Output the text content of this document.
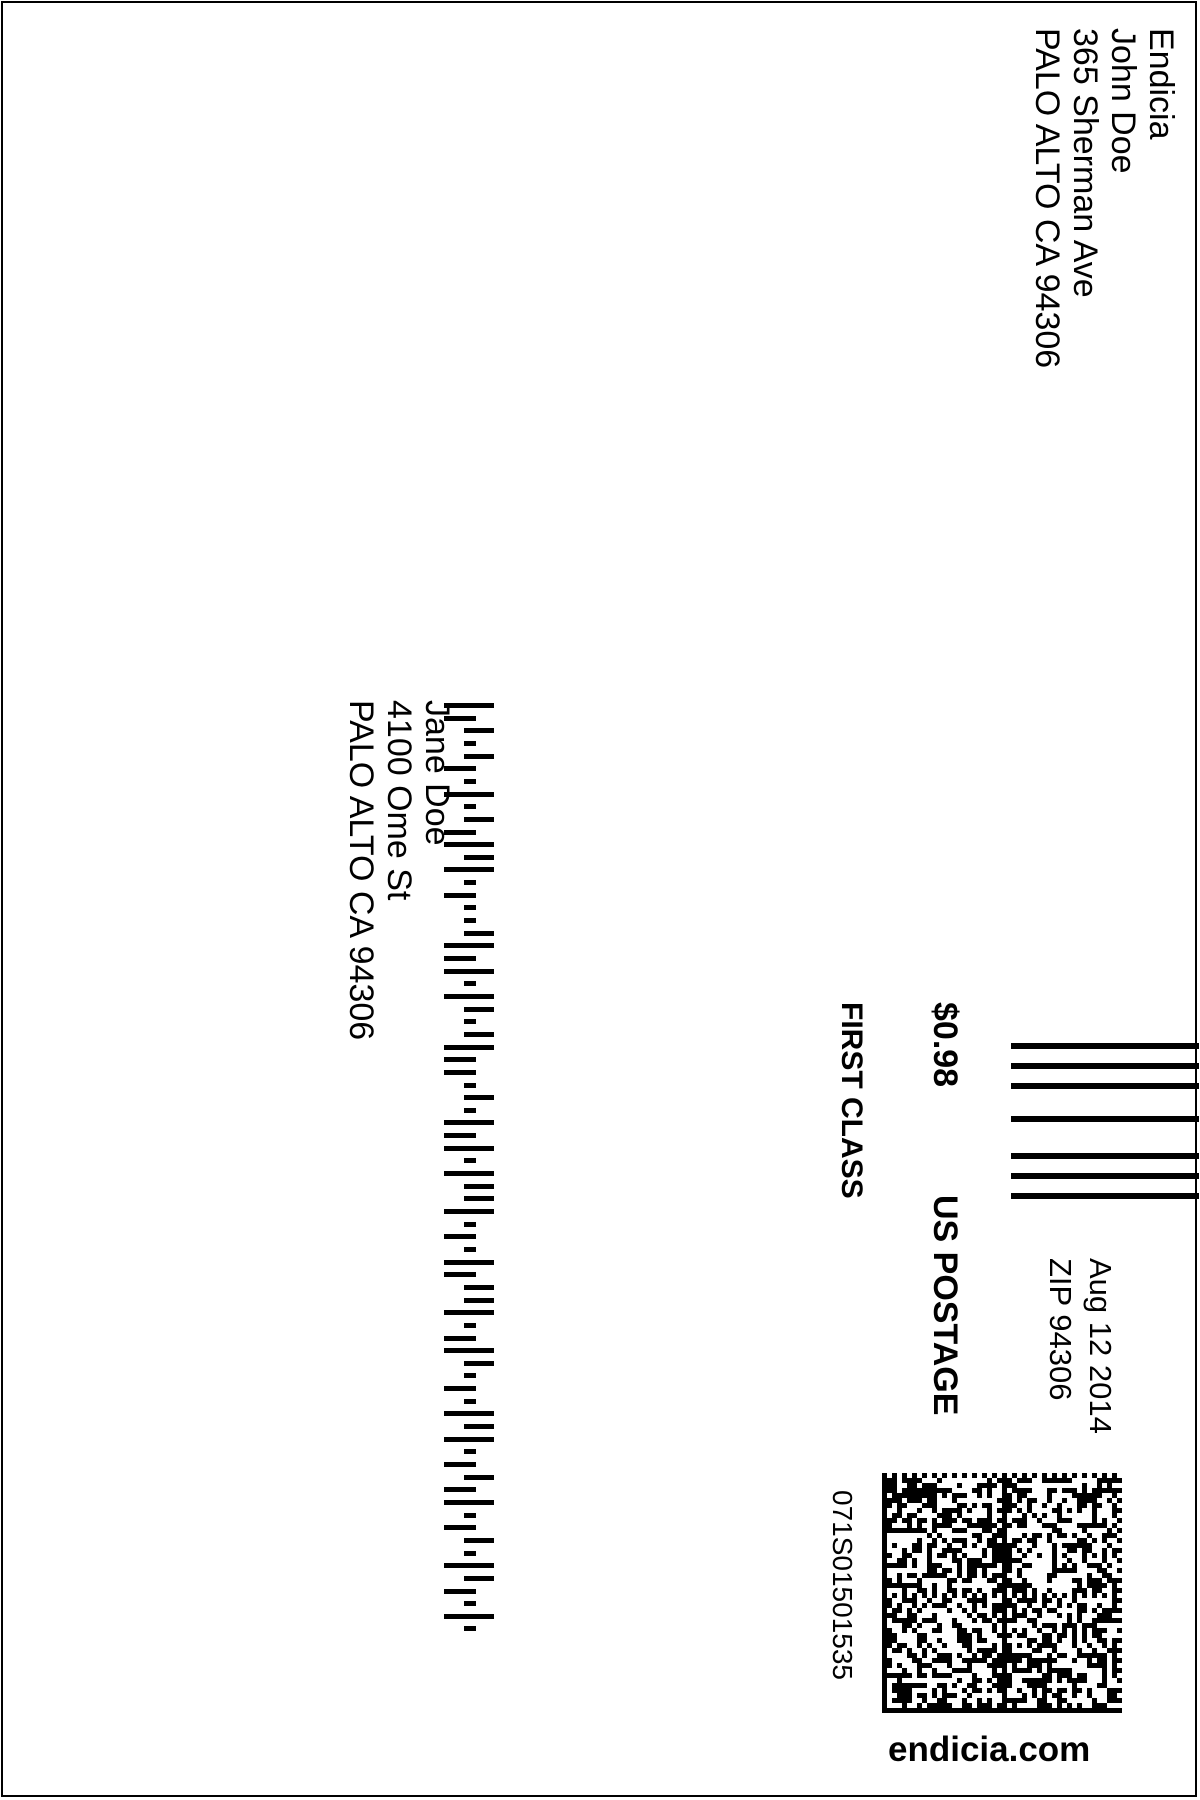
Endicia
John Doe
365 Sherman Ave
PALO ALTO CA 94306
Jane Doe
4100 Ome St
PALO ALTO CA 94306
$0.98
US POSTAGE
FIRST CLASS
Aug 12 2014
ZIP 94306
071S01501535
endicia.com
